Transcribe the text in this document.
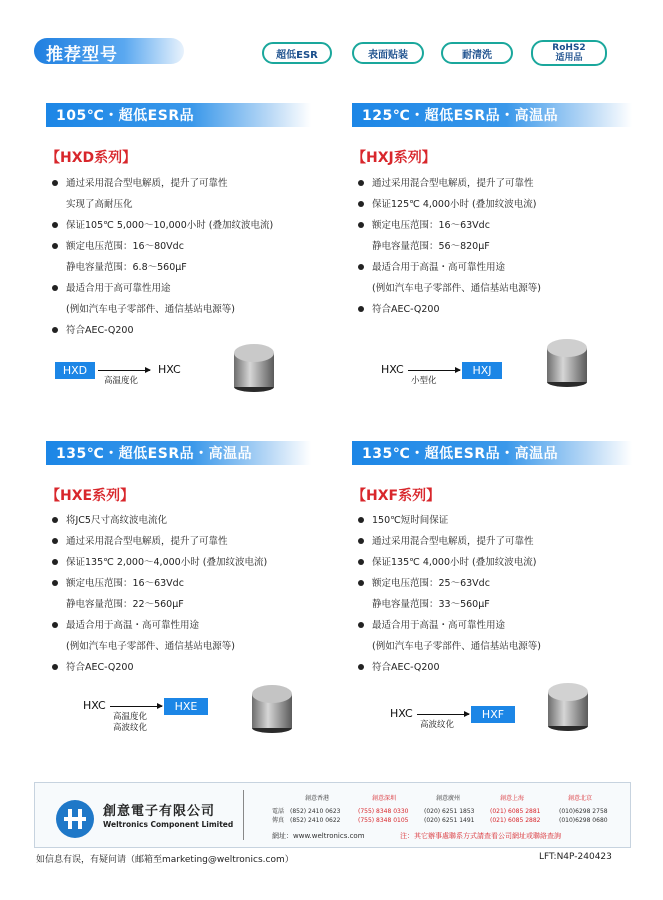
推荐型号	超低ESR	表面贴装	耐清洗
RoHS2
适用品
105℃・超低ESR品	125℃・超低ESR品・高温品
135℃・超低ESR品・高温品	135℃・超低ESR品・高温品
【HXD系列】	【HXJ系列】
【HXE系列】	【HXF系列】
通过采用混合型电解质，提升了可靠性
实现了高耐压化
保证105℃ 5,000～10,000小时 (叠加纹波电流)
额定电压范围：16～80Vdc
静电容量范围：6.8～560μF
最适合用于高可靠性用途
(例如汽车电子零部件、通信基站电源等)
符合AEC-Q200
通过采用混合型电解质，提升了可靠性
保证125℃ 4,000小时 (叠加纹波电流)
额定电压范围：16～63Vdc
静电容量范围：56～820μF
最适合用于高温・高可靠性用途
(例如汽车电子零部件、通信基站电源等)
符合AEC-Q200
将JC5尺寸高纹波电流化
通过采用混合型电解质，提升了可靠性
保证135℃ 2,000～4,000小时 (叠加纹波电流)
额定电压范围：16～63Vdc
静电容量范围：22～560μF
最适合用于高温・高可靠性用途
(例如汽车电子零部件、通信基站电源等)
符合AEC-Q200
150℃短时间保证
通过采用混合型电解质，提升了可靠性
保证135℃ 4,000小时 (叠加纹波电流)
额定电压范围：25～63Vdc
静电容量范围：33～560μF
最适合用于高温・高可靠性用途
(例如汽车电子零部件、通信基站电源等)
符合AEC-Q200
HXD	HXC
高温度化
HXC	HXJ
小型化
HXC	HXE
高温度化
高波纹化
HXC	HXF
高波纹化
創意電子有限公司
Weltronics Component Limited
電話
傳真
創意香港	創意深圳	創意廣州	創意上海	創意北京
(852) 2410 0623	(755) 8348 0330	(020) 6251 1853	(021) 6085 2881	(010)6298 2758
(852) 2410 0622	(755) 8348 0105	(020) 6251 1491	(021) 6085 2882	(010)6298 0680
網址：www.weltronics.com	注：其它辦事處聯系方式請查看公司網址或聯絡查詢
如信息有误，有疑问请（邮箱至marketing@weltronics.com）	LFT:N4P-240423
